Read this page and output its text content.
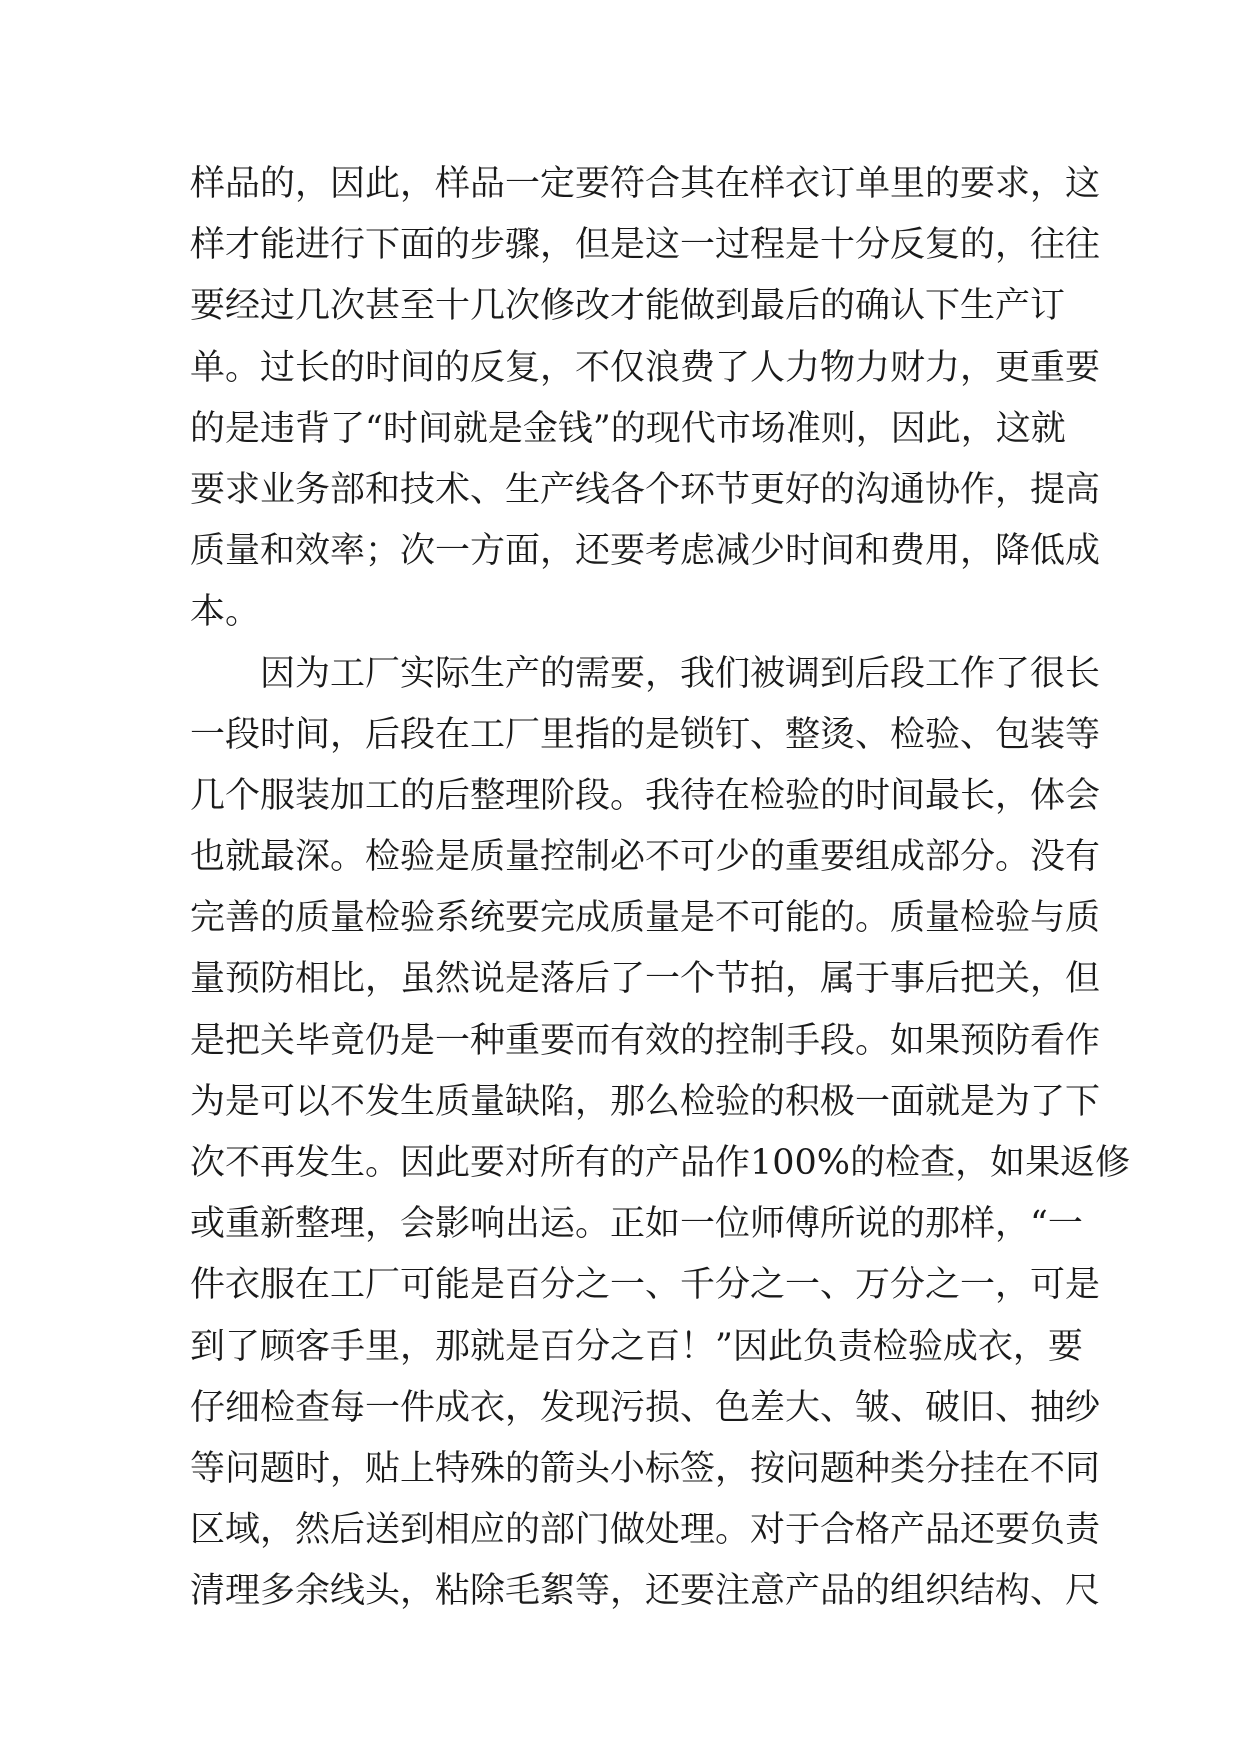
样品的，因此，样品一定要符合其在样衣订单里的要求，这
样才能进行下面的步骤，但是这一过程是十分反复的，往往
要经过几次甚至十几次修改才能做到最后的确认下生产订
单。过长的时间的反复，不仅浪费了人力物力财力，更重要
的是违背了“时间就是金钱”的现代市场准则，因此，这就
要求业务部和技术、生产线各个环节更好的沟通协作，提高
质量和效率；次一方面，还要考虑减少时间和费用，降低成
本。
因为工厂实际生产的需要，我们被调到后段工作了很长
一段时间，后段在工厂里指的是锁钉、整烫、检验、包装等
几个服装加工的后整理阶段。我待在检验的时间最长，体会
也就最深。检验是质量控制必不可少的重要组成部分。没有
完善的质量检验系统要完成质量是不可能的。质量检验与质
量预防相比，虽然说是落后了一个节拍，属于事后把关，但
是把关毕竟仍是一种重要而有效的控制手段。如果预防看作
为是可以不发生质量缺陷，那么检验的积极一面就是为了下
次不再发生。因此要对所有的产品作100%的检查，如果返修
或重新整理，会影响出运。正如一位师傅所说的那样，“一
件衣服在工厂可能是百分之一、千分之一、万分之一，可是
到了顾客手里，那就是百分之百！”因此负责检验成衣，要
仔细检查每一件成衣，发现污损、色差大、皱、破旧、抽纱
等问题时，贴上特殊的箭头小标签，按问题种类分挂在不同
区域，然后送到相应的部门做处理。对于合格产品还要负责
清理多余线头，粘除毛絮等，还要注意产品的组织结构、尺
